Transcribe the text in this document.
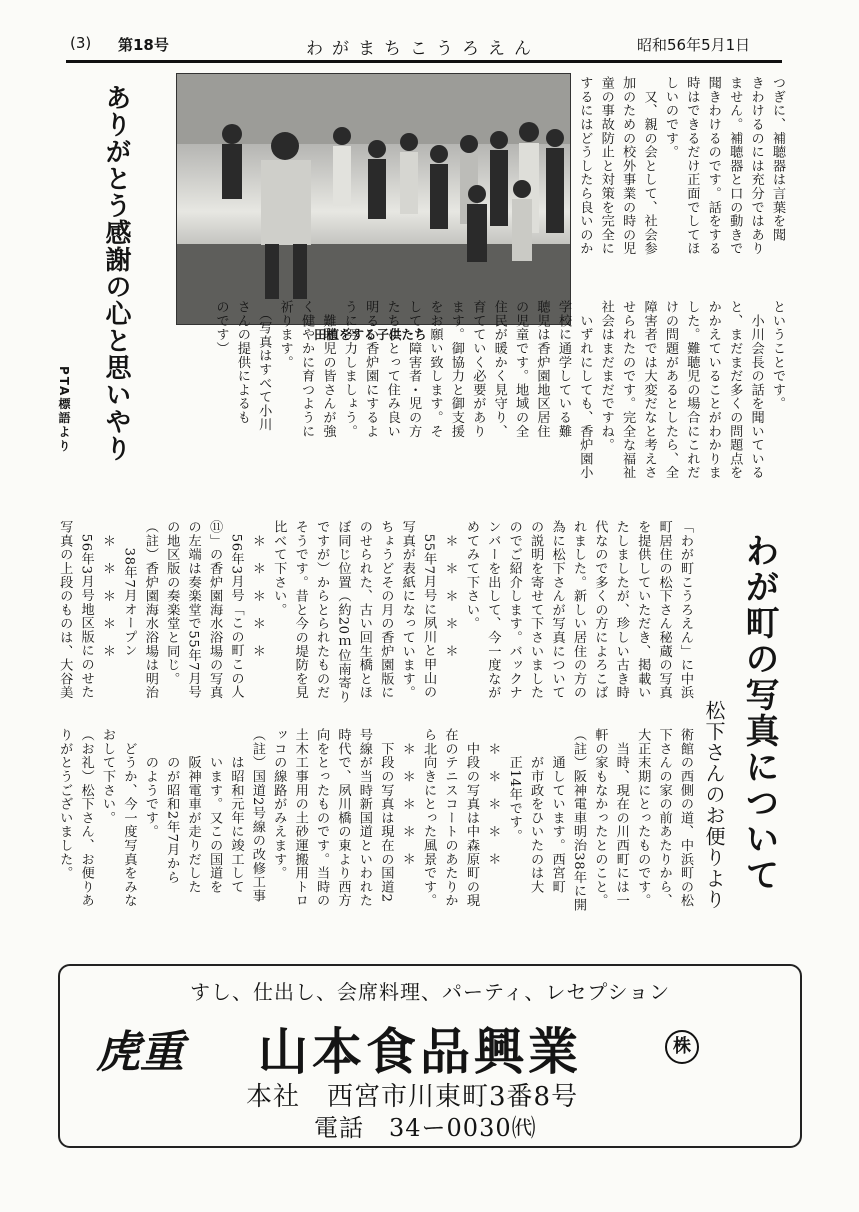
(3) 第18号	わがまちこうろえん	昭和56年5月1日
ありがとう感謝の心と思いやり
PTA標語より
田植をする子供たち
つぎに、補聴器は言葉を聞
きわけるのには充分ではあり
ません。補聴器と口の動きで
聞きわけるのです。話をする
時はできるだけ正面でしてほ
しいのです。
　又、親の会として、社会参
加のための校外事業の時の児
童の事故防止と対策を完全に
するにはどうしたら良いのか
ということです。
　小川会長の話を聞いている
と、まだまだ多くの問題点を
かかえていることがわかりま
した。難聴児の場合にこれだ
けの問題があるとしたら、全
障害者では大変だなと考えさ
せられたのです。完全な福祉
社会はまだまだですね。
　いずれにしても、香炉園小
学校に通学している難
聴児は香炉園地区居住
の児童です。地域の全
住民が暖かく見守り、
育てていく必要があり
ます。御協力と御支援
をお願い致します。そ
して、障害者・児の方
たちにとって住み良い
明るい香炉園にするよ
うに努力しましょう。
　難聴児の皆さんが強
く健やかに育つように
祈ります。
　（写真はすべて小川
さんの提供によるも
のです）
わが町の写真について
松下さんのお便りより
「わが町こうろえん」に中浜
町居住の松下さん秘蔵の写真
を提供していただき、掲載い
たしましたが、珍しい古き時
代なので多くの方によろこば
れました。新しい居住の方の
為に松下さんが写真について
の説明を寄せて下さいました
のでご紹介します。バックナ
ンバーを出して、今一度なが
めてみて下さい。
　＊　＊　＊　＊　＊
　55年7月号に夙川と甲山の
写真が表紙になっています。
ちょうどその月の香炉園版に
のせられた、古い回生橋とほ
ぼ同じ位置（約20ｍ位南寄り
ですが）からとられたものだ
そうです。昔と今の堤防を見
比べて下さい。
　＊　＊　＊　＊　＊
　56年3月号「この町この人
⑪」の香炉園海水浴場の写真
の左端は奏楽堂で55年7月号
の地区版の奏楽堂と同じ。
（註）香炉園海水浴場は明治
　　38年7月オープン
　＊　＊　＊　＊　＊
　56年3月号地区版にのせた
写真の上段のものは、大谷美
術館の西側の道、中浜町の松
下さんの家の前あたりから、
大正末期にとったものです。
　当時、現在の川西町には一
軒の家もなかったとのこと。
（註）阪神電車明治38年に開
　　通しています。西宮町
　　が市政をひいたのは大
　　正14年です。
　＊　＊　＊　＊　＊
　中段の写真は中森原町の現
在のテニスコートのあたりか
ら北向きにとった風景です。
　＊　＊　＊　＊　＊
　下段の写真は現在の国道2
号線が当時新国道といわれた
時代で、夙川橋の東より西方
向をとったものです。当時の
土木工事用の土砂運搬用トロ
ッコの線路がみえます。
（註）国道2号線の改修工事
　　は昭和元年に竣工して
　　います。又この国道を
　　阪神電車が走りだした
　　のが昭和2年7月から
　　のようです。
　どうか、今一度写真をみな
おして下さい。
（お礼）松下さん、お便りあ
りがとうございました。
すし、仕出し、会席料理、パーティ、レセプション
虎重 山本食品興業	株
本社　西宮市川東町3番8号
電話　34ー0030㈹
